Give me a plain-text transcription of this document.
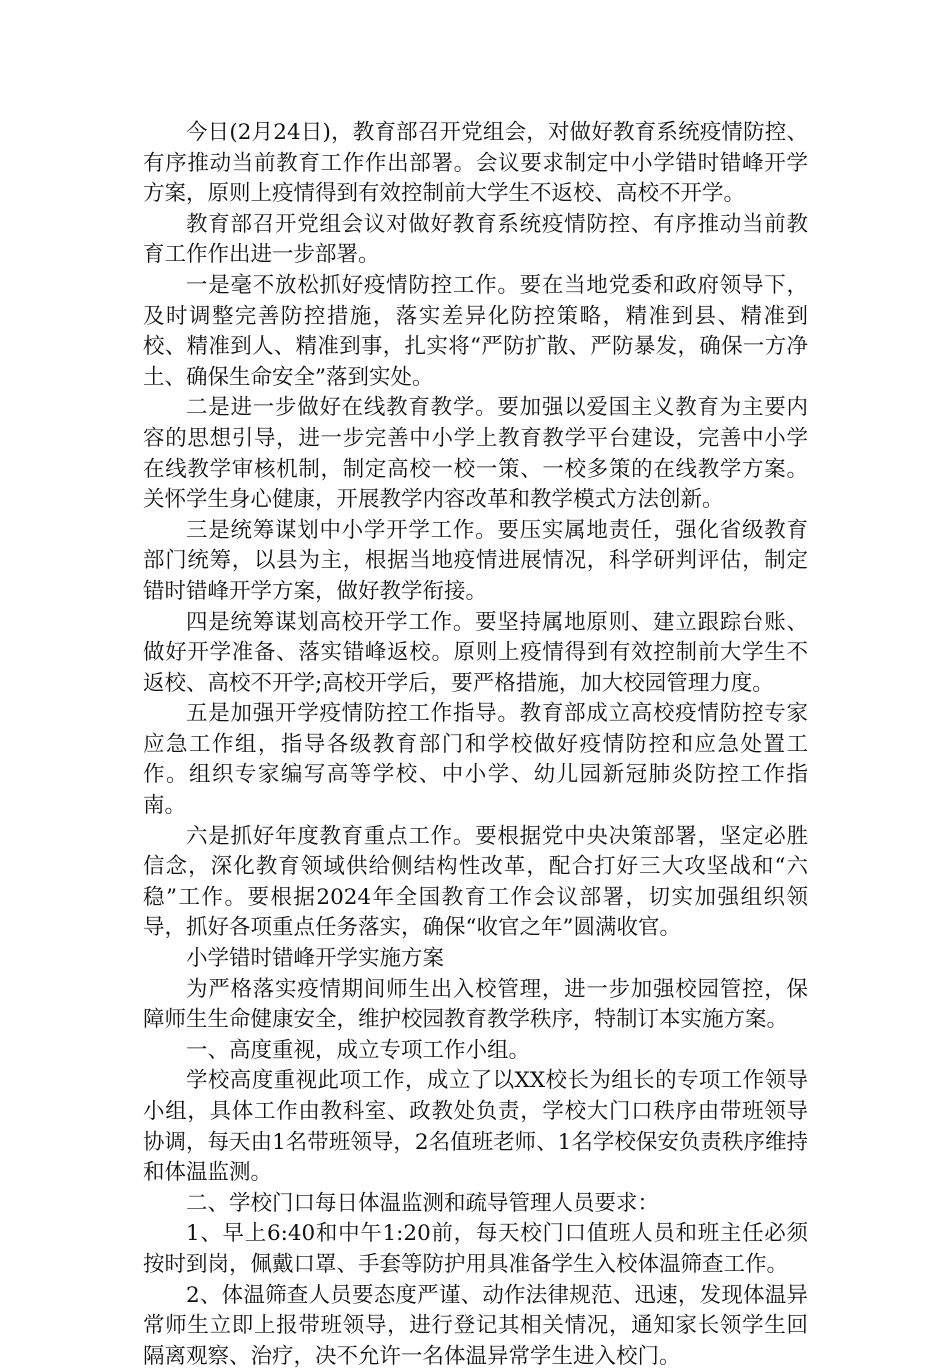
今日(2月24日)，教育部召开党组会，对做好教育系统疫情防控、有序推动当前教育工作作出部署。会议要求制定中小学错时错峰开学方案，原则上疫情得到有效控制前大学生不返校、高校不开学。

教育部召开党组会议对做好教育系统疫情防控、有序推动当前教育工作作出进一步部署。

一是毫不放松抓好疫情防控工作。要在当地党委和政府领导下，及时调整完善防控措施，落实差异化防控策略，精准到县、精准到校、精准到人、精准到事，扎实将“严防扩散、严防暴发，确保一方净土、确保生命安全”落到实处。

二是进一步做好在线教育教学。要加强以爱国主义教育为主要内容的思想引导，进一步完善中小学上教育教学平台建设，完善中小学在线教学审核机制，制定高校一校一策、一校多策的在线教学方案。关怀学生身心健康，开展教学内容改革和教学模式方法创新。

三是统筹谋划中小学开学工作。要压实属地责任，强化省级教育部门统筹，以县为主，根据当地疫情进展情况，科学研判评估，制定错时错峰开学方案，做好教学衔接。

四是统筹谋划高校开学工作。要坚持属地原则、建立跟踪台账、做好开学准备、落实错峰返校。原则上疫情得到有效控制前大学生不返校、高校不开学;高校开学后，要严格措施，加大校园管理力度。

五是加强开学疫情防控工作指导。教育部成立高校疫情防控专家应急工作组，指导各级教育部门和学校做好疫情防控和应急处置工作。组织专家编写高等学校、中小学、幼儿园新冠肺炎防控工作指南。

六是抓好年度教育重点工作。要根据党中央决策部署，坚定必胜信念，深化教育领域供给侧结构性改革，配合打好三大攻坚战和“六稳”工作。要根据2024年全国教育工作会议部署，切实加强组织领导，抓好各项重点任务落实，确保“收官之年”圆满收官。

小学错时错峰开学实施方案

为严格落实疫情期间师生出入校管理，进一步加强校园管控，保障师生生命健康安全，维护校园教育教学秩序，特制订本实施方案。

一、高度重视，成立专项工作小组。

学校高度重视此项工作，成立了以XX校长为组长的专项工作领导小组，具体工作由教科室、政教处负责，学校大门口秩序由带班领导协调，每天由1名带班领导，2名值班老师、1名学校保安负责秩序维持和体温监测。

二、学校门口每日体温监测和疏导管理人员要求：

1、早上6:40和中午1:20前，每天校门口值班人员和班主任必须按时到岗，佩戴口罩、手套等防护用具准备学生入校体温筛查工作。

2、体温筛查人员要态度严谨、动作法律规范、迅速，发现体温异常师生立即上报带班领导，进行登记其相关情况，通知家长领学生回隔离观察、治疗，决不允许一名体温异常学生进入校门。
